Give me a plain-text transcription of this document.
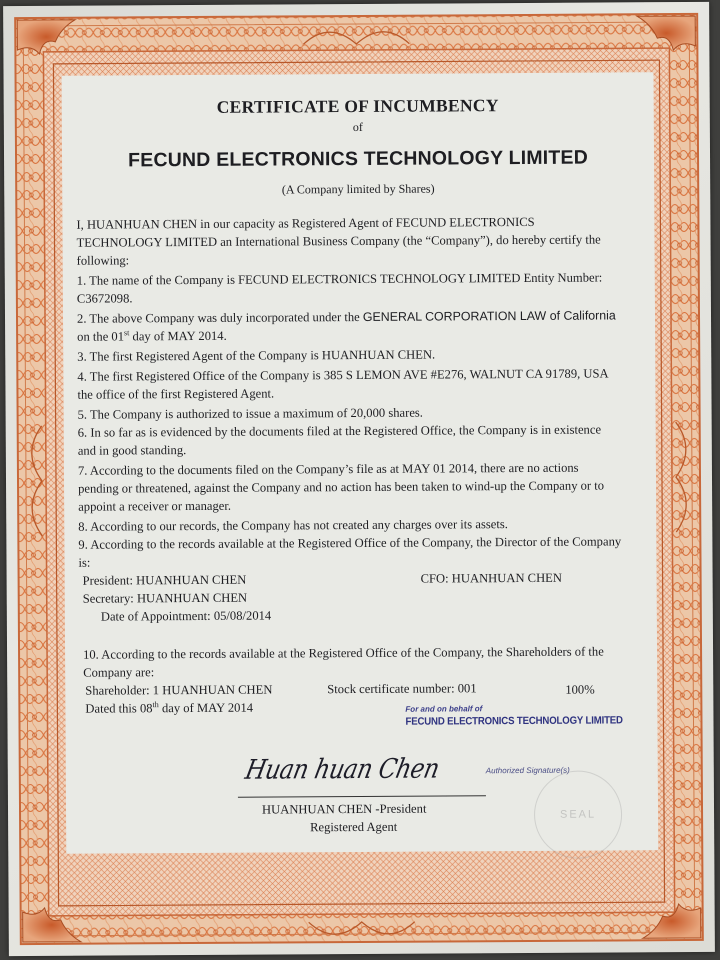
CERTIFICATE OF INCUMBENCY
of
FECUND ELECTRONICS TECHNOLOGY LIMITED
(A Company limited by Shares)
I, HUANHUAN CHEN in our capacity as Registered Agent of FECUND ELECTRONICS
TECHNOLOGY LIMITED an International Business Company (the “Company”), do hereby certify the
following:
1. The name of the Company is FECUND ELECTRONICS TECHNOLOGY LIMITED Entity Number:
C3672098.
2. The above Company was duly incorporated under the GENERAL CORPORATION LAW of California
on the 01st day of MAY 2014.
3. The first Registered Agent of the Company is HUANHUAN CHEN.
4. The first Registered Office of the Company is 385 S LEMON AVE #E276, WALNUT CA 91789, USA
the office of the first Registered Agent.
5. The Company is authorized to issue a maximum of 20,000 shares.
6. In so far as is evidenced by the documents filed at the Registered Office, the Company is in existence
and in good standing.
7. According to the documents filed on the Company’s file as at MAY 01 2014, there are no actions
pending or threatened, against the Company and no action has been taken to wind-up the Company or to
appoint a receiver or manager.
8. According to our records, the Company has not created any charges over its assets.
9. According to the records available at the Registered Office of the Company, the Director of the Company
is:
President: HUANHUAN CHEN	CFO: HUANHUAN CHEN
Secretary: HUANHUAN CHEN
Date of Appointment: 05/08/2014
10. According to the records available at the Registered Office of the Company, the Shareholders of the
Company are:
Shareholder: 1 HUANHUAN CHEN	Stock certificate number: 001	100%
Dated this 08th day of MAY 2014	For and on behalf of
FECUND ELECTRONICS TECHNOLOGY LIMITED
Huan huan Chen	Authorized Signature(s)
SEAL
HUANHUAN CHEN -President
Registered Agent
